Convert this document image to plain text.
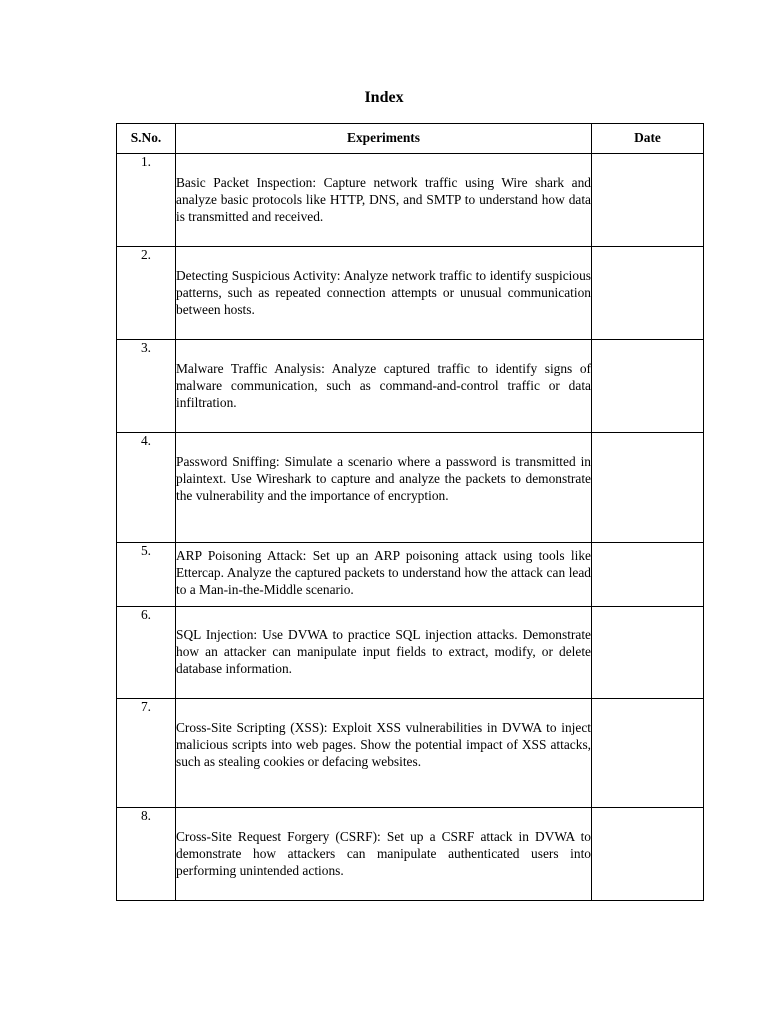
Index
S.No.	Experiments	Date
1.	Basic Packet Inspection: Capture network traffic using Wire shark and analyze basic protocols like HTTP, DNS, and SMTP to understand how data is transmitted and received.	

2.	Detecting Suspicious Activity: Analyze network traffic to identify suspicious patterns, such as repeated connection attempts or unusual communication between hosts.	

3.	Malware Traffic Analysis: Analyze captured traffic to identify signs of malware communication, such as command-and-control traffic or data infiltration.	

4.	Password Sniffing: Simulate a scenario where a password is transmitted in plaintext. Use Wireshark to capture and analyze the packets to demonstrate the vulnerability and the importance of encryption.	

5.	ARP Poisoning Attack: Set up an ARP poisoning attack using tools like Ettercap. Analyze the captured packets to understand how the attack can lead to a Man-in-the-Middle scenario.	

6.	SQL Injection: Use DVWA to practice SQL injection attacks. Demonstrate how an attacker can manipulate input fields to extract, modify, or delete database information.	

7.	Cross-Site Scripting (XSS): Exploit XSS vulnerabilities in DVWA to inject malicious scripts into web pages. Show the potential impact of XSS attacks, such as stealing cookies or defacing websites.	

8.	Cross-Site Request Forgery (CSRF): Set up a CSRF attack in DVWA to demonstrate how attackers can manipulate authenticated users into performing unintended actions.	
